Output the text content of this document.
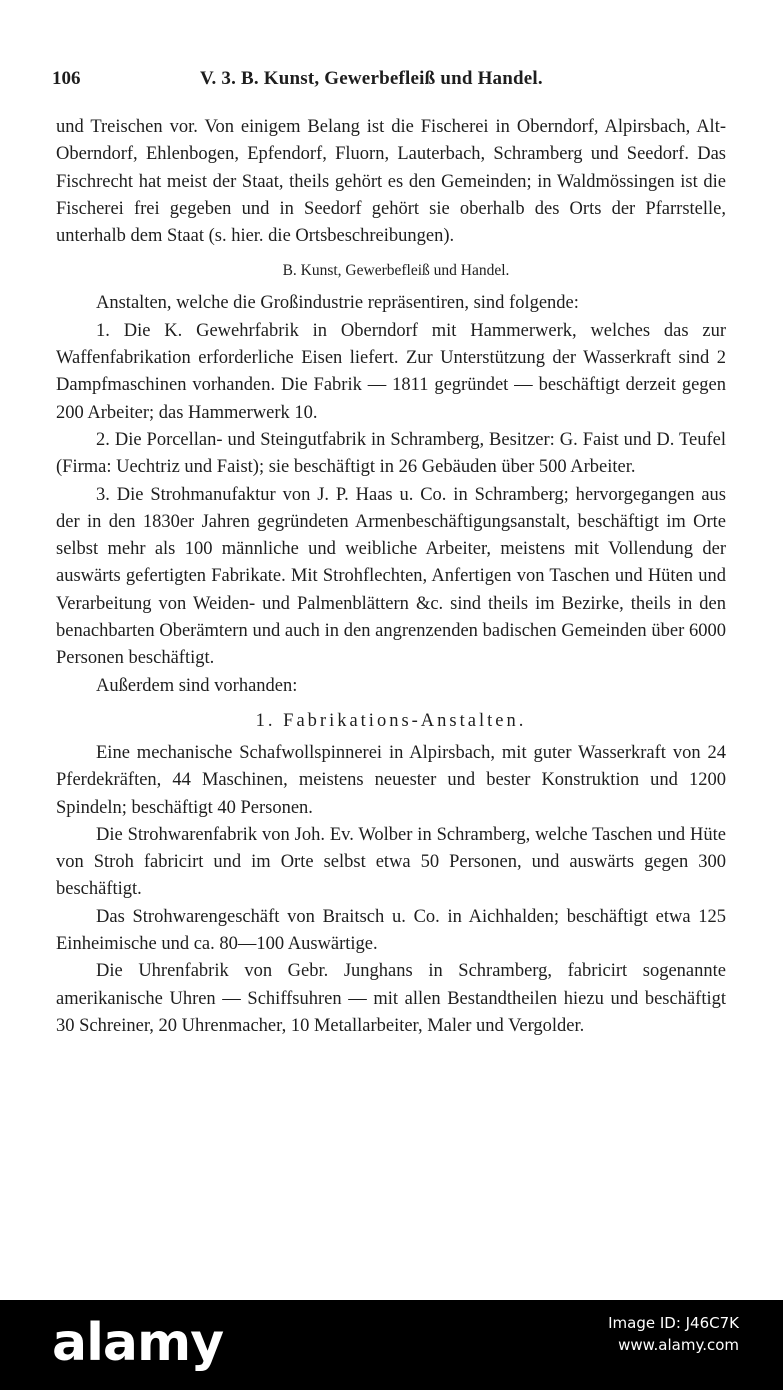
106	V. 3. B. Kunst, Gewerbefleiß und Handel.

und Treischen vor. Von einigem Belang ist die Fischerei in Oberndorf, Alpirsbach, Alt-Oberndorf, Ehlenbogen, Epfendorf, Fluorn, Lauterbach, Schramberg und Seedorf. Das Fischrecht hat meist der Staat, theils gehört es den Gemeinden; in Waldmössingen ist die Fischerei frei gegeben und in Seedorf gehört sie oberhalb des Orts der Pfarrstelle, unterhalb dem Staat (s. hier. die Ortsbeschreibungen).

B. Kunst, Gewerbefleiß und Handel.

Anstalten, welche die Großindustrie repräsentiren, sind folgende:

1. Die K. Gewehrfabrik in Oberndorf mit Hammerwerk, welches das zur Waffenfabrikation erforderliche Eisen liefert. Zur Unterstützung der Wasserkraft sind 2 Dampfmaschinen vorhanden. Die Fabrik — 1811 gegründet — beschäftigt derzeit gegen 200 Arbeiter; das Hammerwerk 10.

2. Die Porcellan- und Steingutfabrik in Schramberg, Besitzer: G. Faist und D. Teufel (Firma: Uechtriz und Faist); sie beschäftigt in 26 Gebäuden über 500 Arbeiter.

3. Die Strohmanufaktur von J. P. Haas u. Co. in Schramberg; hervorgegangen aus der in den 1830er Jahren gegründeten Armenbeschäftigungsanstalt, beschäftigt im Orte selbst mehr als 100 männliche und weibliche Arbeiter, meistens mit Vollendung der auswärts gefertigten Fabrikate. Mit Strohflechten, Anfertigen von Taschen und Hüten und Verarbeitung von Weiden- und Palmenblättern &c. sind theils im Bezirke, theils in den benachbarten Oberämtern und auch in den angrenzenden badischen Gemeinden über 6000 Personen beschäftigt.

Außerdem sind vorhanden:

1. Fabrikations-Anstalten.

Eine mechanische Schafwollspinnerei in Alpirsbach, mit guter Wasserkraft von 24 Pferdekräften, 44 Maschinen, meistens neuester und bester Konstruktion und 1200 Spindeln; beschäftigt 40 Personen.

Die Strohwarenfabrik von Joh. Ev. Wolber in Schramberg, welche Taschen und Hüte von Stroh fabricirt und im Orte selbst etwa 50 Personen, und auswärts gegen 300 beschäftigt.

Das Strohwarengeschäft von Braitsch u. Co. in Aichhalden; beschäftigt etwa 125 Einheimische und ca. 80—100 Auswärtige.

Die Uhrenfabrik von Gebr. Junghans in Schramberg, fabricirt sogenannte amerikanische Uhren — Schiffsuhren — mit allen Bestandtheilen hiezu und beschäftigt 30 Schreiner, 20 Uhrenmacher, 10 Metallarbeiter, Maler und Vergolder.

alamy	Image ID: J46C7K
www.alamy.com
